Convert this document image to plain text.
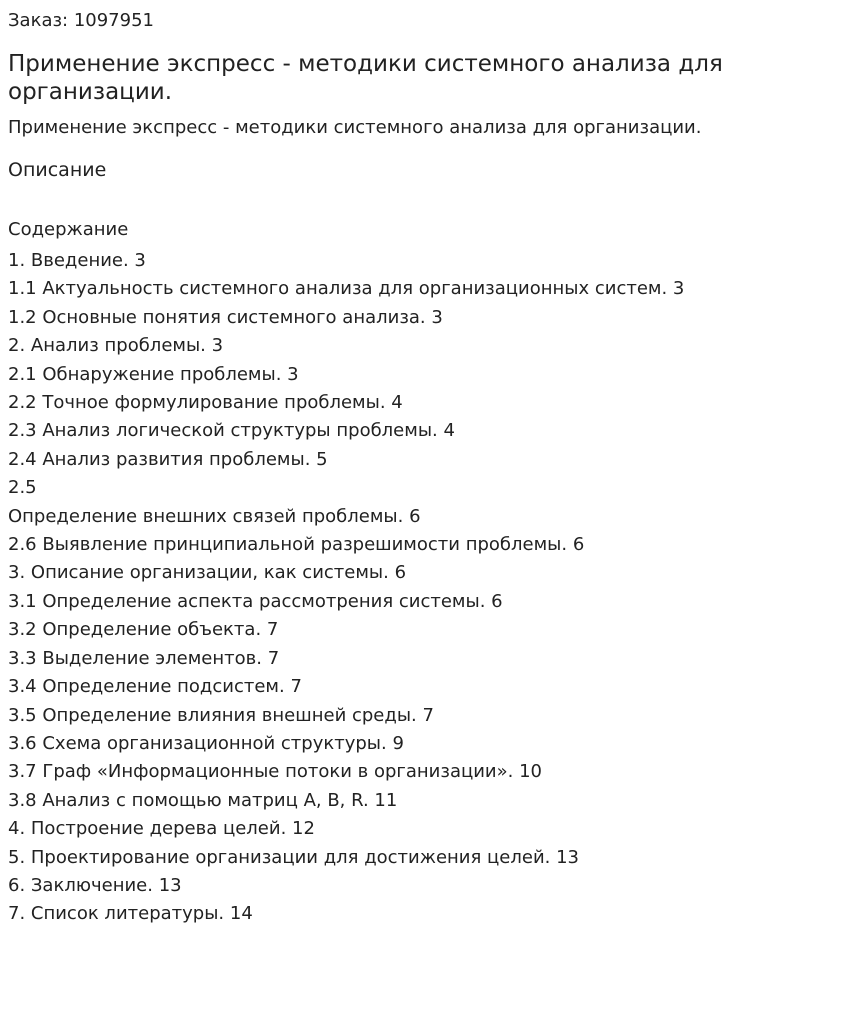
Заказ: 1097951
Применение экспресс - методики системного анализа для организации.
Применение экспресс - методики системного анализа для организации.
Описание
Содержание
1. Введение. 3
1.1 Актуальность системного анализа для организационных систем. 3
1.2 Основные понятия системного анализа. 3
2. Анализ проблемы. 3
2.1 Обнаружение проблемы. 3
2.2 Точное формулирование проблемы. 4
2.3 Анализ логической структуры проблемы. 4
2.4 Анализ развития проблемы. 5
2.5
Определение внешних связей проблемы. 6
2.6 Выявление принципиальной разрешимости проблемы. 6
3. Описание организации, как системы. 6
3.1 Определение аспекта рассмотрения системы. 6
3.2 Определение объекта. 7
3.3 Выделение элементов. 7
3.4 Определение подсистем. 7
3.5 Определение влияния внешней среды. 7
3.6 Схема организационной структуры. 9
3.7 Граф «Информационные потоки в организации». 10
3.8 Анализ с помощью матриц А, В, R. 11
4. Построение дерева целей. 12
5. Проектирование организации для достижения целей. 13
6. Заключение. 13
7. Список литературы. 14
